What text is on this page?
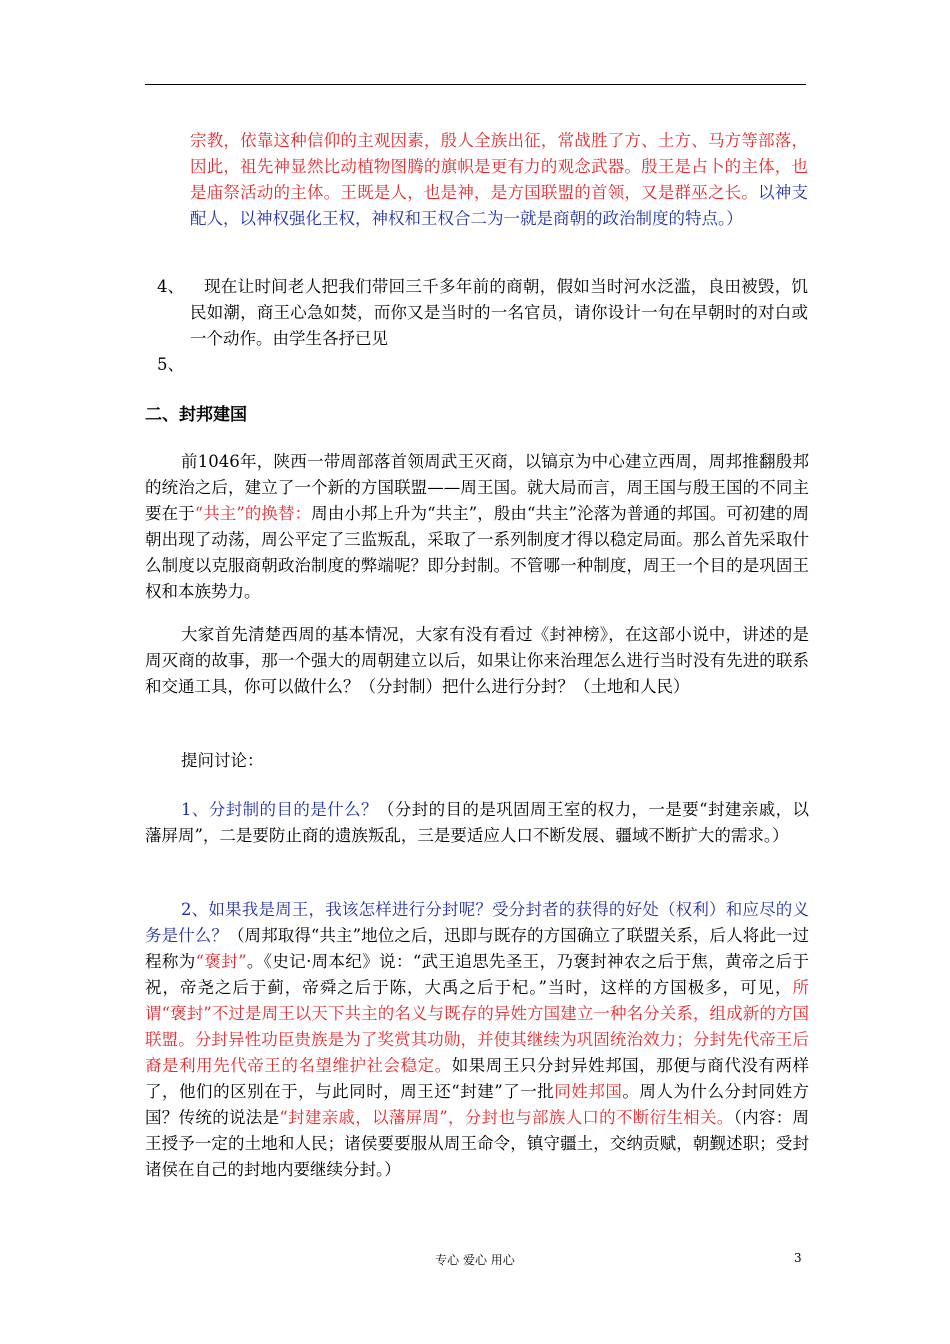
宗教，依靠这种信仰的主观因素，殷人全族出征，常战胜了方、土方、马方等部落，因此，祖先神显然比动植物图腾的旗帜是更有力的观念武器。殷王是占卜的主体，也是庙祭活动的主体。王既是人，也是神，是方国联盟的首领，又是群巫之长。以神支配人，以神权强化王权，神权和王权合二为一就是商朝的政治制度的特点。）

4、	现在让时间老人把我们带回三千多年前的商朝，假如当时河水泛滥，良田被毁，饥民如潮，商王心急如焚，而你又是当时的一名官员，请你设计一句在早朝时的对白或一个动作。由学生各抒已见

5、
二、封邦建国

前1046年，陕西一带周部落首领周武王灭商，以镐京为中心建立西周，周邦推翻殷邦的统治之后，建立了一个新的方国联盟——周王国。就大局而言，周王国与殷王国的不同主要在于“共主”的换替：周由小邦上升为“共主”，殷由“共主”沦落为普通的邦国。可初建的周朝出现了动荡，周公平定了三监叛乱，采取了一系列制度才得以稳定局面。那么首先采取什么制度以克服商朝政治制度的弊端呢？即分封制。不管哪一种制度，周王一个目的是巩固王权和本族势力。

大家首先清楚西周的基本情况，大家有没有看过《封神榜》，在这部小说中，讲述的是周灭商的故事，那一个强大的周朝建立以后，如果让你来治理怎么进行当时没有先进的联系和交通工具，你可以做什么？（分封制）把什么进行分封？（土地和人民）

提问讨论：

1、分封制的目的是什么？（分封的目的是巩固周王室的权力，一是要“封建亲戚，以藩屏周”，二是要防止商的遗族叛乱，三是要适应人口不断发展、疆域不断扩大的需求。）

2、如果我是周王，我该怎样进行分封呢？受分封者的获得的好处（权利）和应尽的义务是什么？（周邦取得“共主”地位之后，迅即与既存的方国确立了联盟关系，后人将此一过程称为“褒封”。《史记·周本纪》说：“武王追思先圣王，乃褒封神农之后于焦，黄帝之后于祝，帝尧之后于蓟，帝舜之后于陈，大禹之后于杞。”当时，这样的方国极多，可见，所谓“褒封”不过是周王以天下共主的名义与既存的异姓方国建立一种名分关系，组成新的方国联盟。分封异性功臣贵族是为了奖赏其功勋，并使其继续为巩固统治效力；分封先代帝王后裔是利用先代帝王的名望维护社会稳定。如果周王只分封异姓邦国，那便与商代没有两样了，他们的区别在于，与此同时，周王还“封建”了一批同姓邦国。周人为什么分封同姓方国？传统的说法是“封建亲戚，以藩屏周”，分封也与部族人口的不断衍生相关。（内容：周王授予一定的土地和人民；诸侯要要服从周王命令，镇守疆土，交纳贡赋，朝觐述职；受封诸侯在自己的封地内要继续分封。）

专心 爱心 用心	3
